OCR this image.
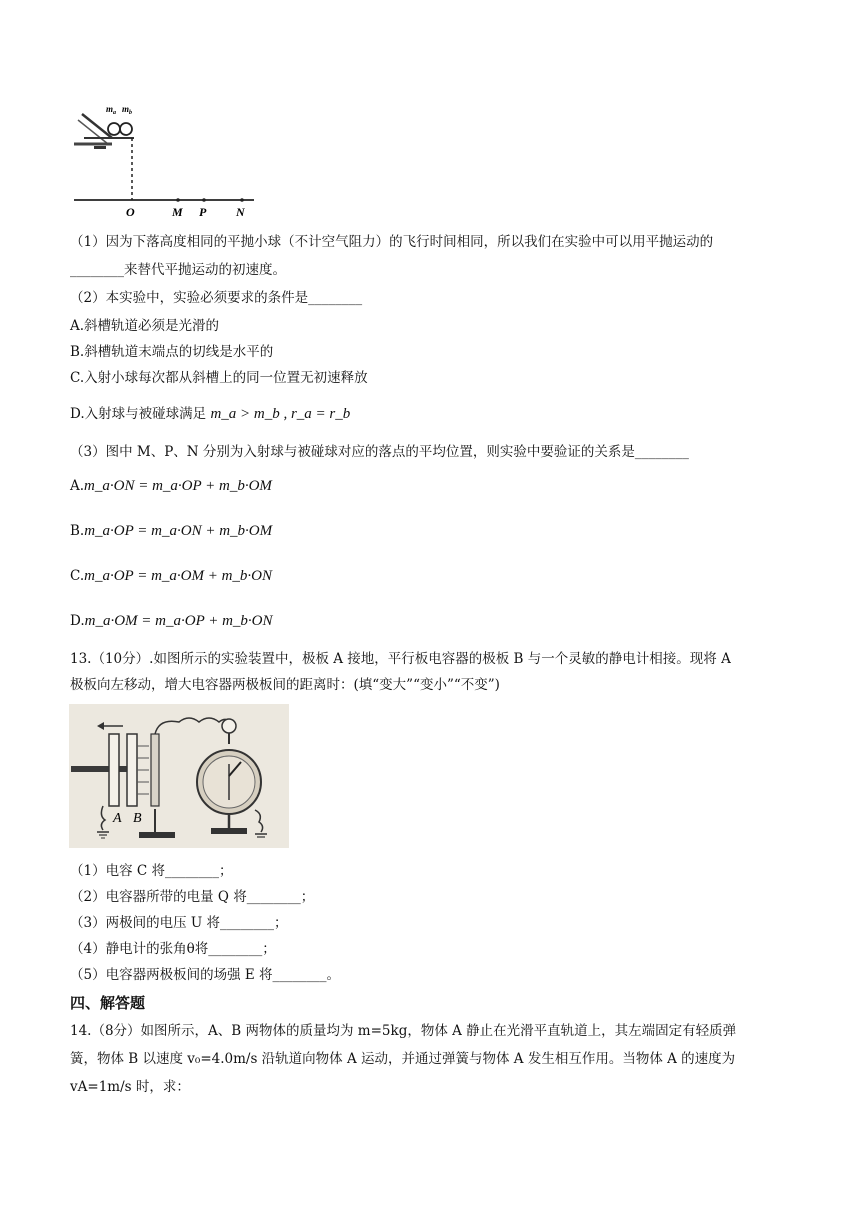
$m_a$ $m_b$
O	M P N
（1）因为下落高度相同的平抛小球（不计空气阻力）的飞行时间相同，所以我们在实验中可以用平抛运动的
________来替代平抛运动的初速度。
（2）本实验中，实验必须要求的条件是________
A.斜槽轨道必须是光滑的
B.斜槽轨道末端点的切线是水平的
C.入射小球每次都从斜槽上的同一位置无初速释放
D.入射球与被碰球满足 m_a > m_b , r_a = r_b
（3）图中 M、P、N 分别为入射球与被碰球对应的落点的平均位置，则实验中要验证的关系是________
A.m_a·ON = m_a·OP + m_b·OM
B.m_a·OP = m_a·ON + m_b·OM
C.m_a·OP = m_a·OM + m_b·ON
D.m_a·OM = m_a·OP + m_b·ON
13.（10分）.如图所示的实验装置中，极板 A 接地，平行板电容器的极板 B 与一个灵敏的静电计相接。现将 A
极板向左移动，增大电容器两极板间的距离时：(填“变大”“变小”“不变”)
A B
（1）电容 C 将________；
（2）电容器所带的电量 Q 将________；
（3）两极间的电压 U 将________；
（4）静电计的张角θ将________；
（5）电容器两极板间的场强 E 将________。
四、解答题
14.（8分）如图所示，A、B 两物体的质量均为 m=5kg，物体 A 静止在光滑平直轨道上，其左端固定有轻质弹
簧，物体 B 以速度 v₀=4.0m/s 沿轨道向物体 A 运动，并通过弹簧与物体 A 发生相互作用。当物体 A 的速度为
vA=1m/s 时，求：
